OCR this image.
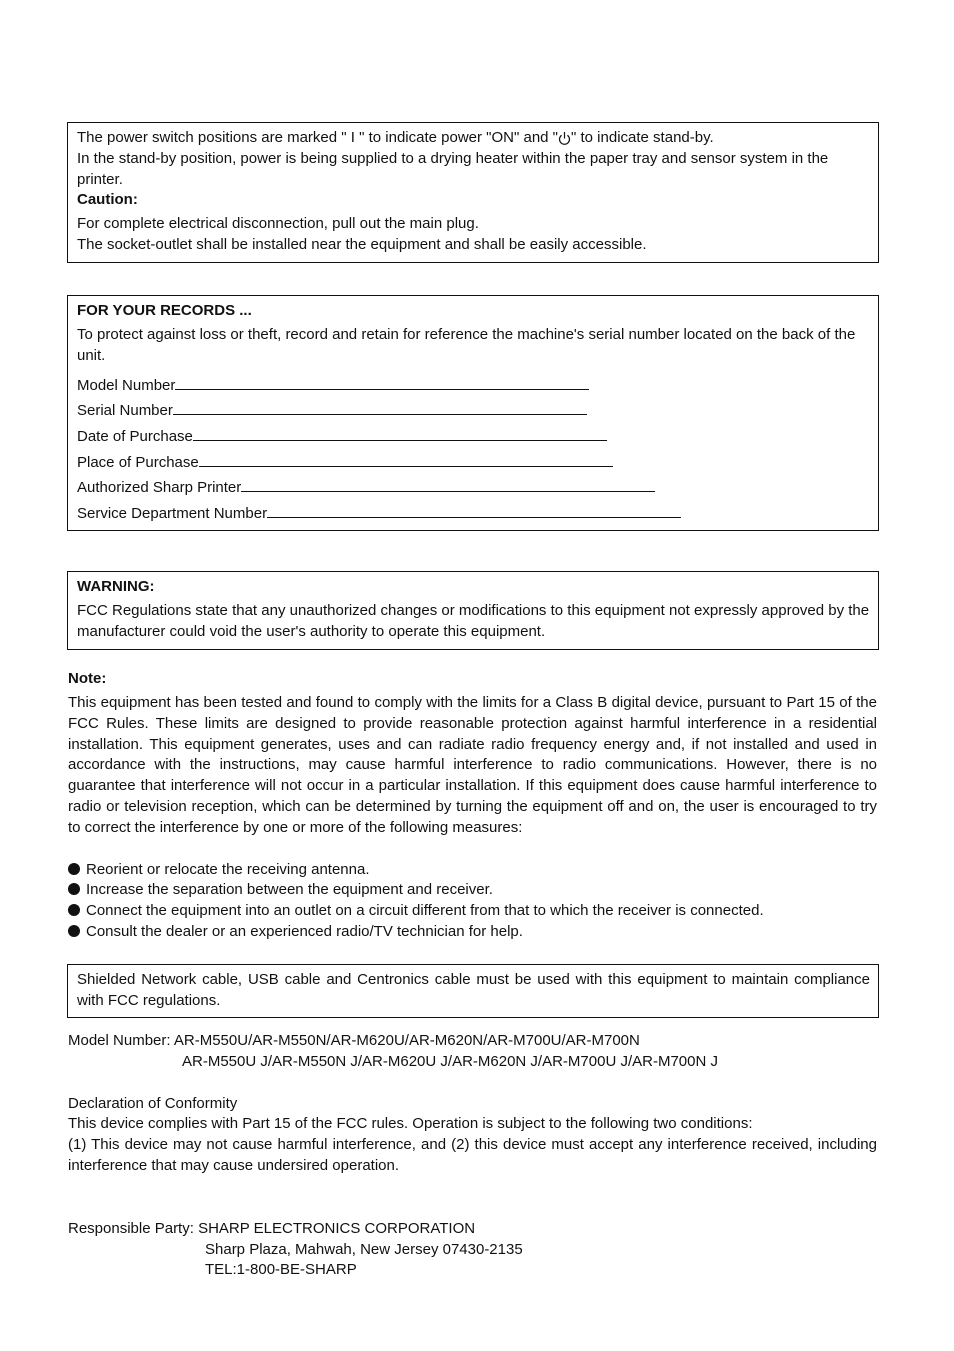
The power switch positions are marked " I " to indicate power "ON" and " " to indicate stand-by.

In the stand-by position, power is being supplied to a drying heater within the paper tray and sensor system in the printer.

Caution:

For complete electrical disconnection, pull out the main plug.

The socket-outlet shall be installed near the equipment and shall be easily accessible.

FOR YOUR RECORDS ...

To protect against loss or theft, record and retain for reference the machine's serial number located on the back of the unit.

Model Number
Serial Number
Date of Purchase
Place of Purchase
Authorized Sharp Printer
Service Department Number

WARNING:

FCC Regulations state that any unauthorized changes or modifications to this equipment not expressly approved by the manufacturer could void the user's authority to operate this equipment.

Note:

This equipment has been tested and found to comply with the limits for a Class B digital device, pursuant to Part 15 of the FCC Rules. These limits are designed to provide reasonable protection against harmful interference in a residential installation. This equipment generates, uses and can radiate radio frequency energy and, if not installed and used in accordance with the instructions, may cause harmful interference to radio communications. However, there is no guarantee that interference will not occur in a particular installation. If this equipment does cause harmful interference to radio or television reception, which can be determined by turning the equipment off and on, the user is encouraged to try to correct the interference by one or more of the following measures:

Reorient or relocate the receiving antenna.
Increase the separation between the equipment and receiver.
Connect the equipment into an outlet on a circuit different from that to which the receiver is connected.
Consult the dealer or an experienced radio/TV technician for help.

Shielded Network cable, USB cable and Centronics cable must be used with this equipment to maintain compliance with FCC regulations.

Model Number: AR-M550U/AR-M550N/AR-M620U/AR-M620N/AR-M700U/AR-M700N
AR-M550U J/AR-M550N J/AR-M620U J/AR-M620N J/AR-M700U J/AR-M700N J

Declaration of Conformity

This device complies with Part 15 of the FCC rules. Operation is subject to the following two conditions:

(1) This device may not cause harmful interference, and (2) this device must accept any interference received, including interference that may cause undersired operation.

Responsible Party: SHARP ELECTRONICS CORPORATION
Sharp Plaza, Mahwah, New Jersey 07430-2135
TEL:1-800-BE-SHARP
